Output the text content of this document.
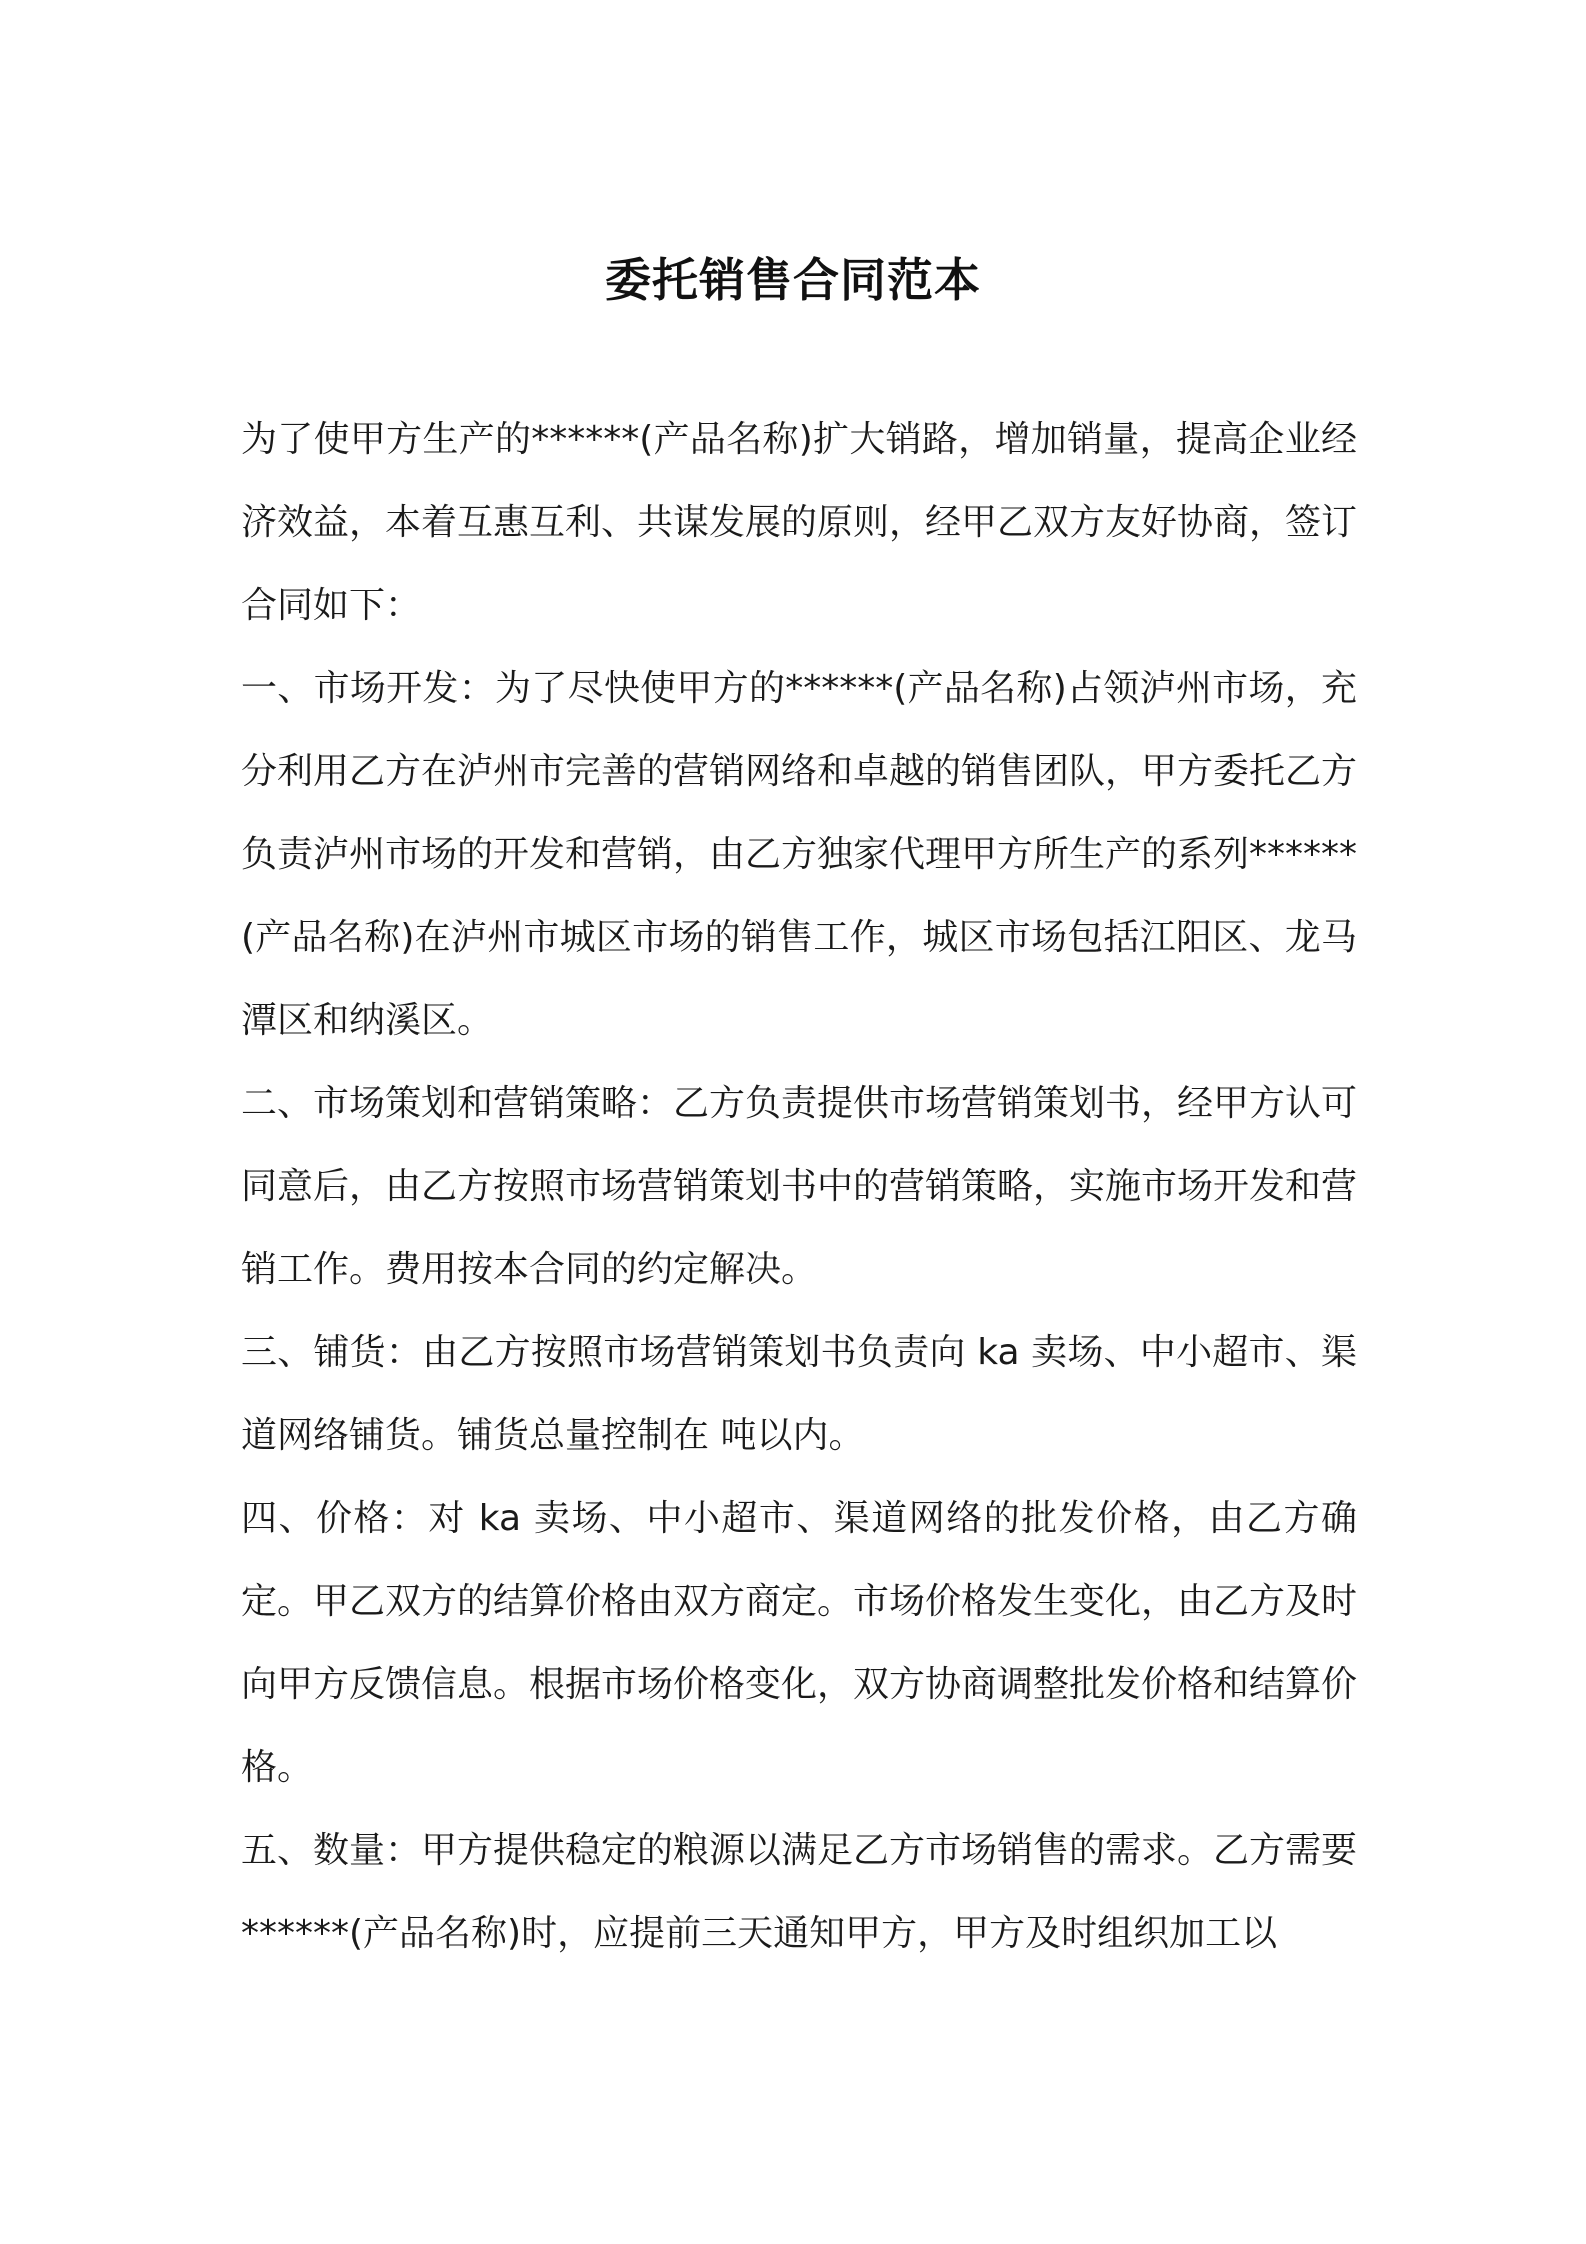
委托销售合同范本

为了使甲方生产的******(产品名称)扩大销路，增加销量，提高企业经济效益，本着互惠互利、共谋发展的原则，经甲乙双方友好协商，签订合同如下：

一、市场开发：为了尽快使甲方的******(产品名称)占领泸州市场，充分利用乙方在泸州市完善的营销网络和卓越的销售团队，甲方委托乙方负责泸州市场的开发和营销，由乙方独家代理甲方所生产的系列******(产品名称)在泸州市城区市场的销售工作，城区市场包括江阳区、龙马潭区和纳溪区。

二、市场策划和营销策略：乙方负责提供市场营销策划书，经甲方认可同意后，由乙方按照市场营销策划书中的营销策略，实施市场开发和营销工作。费用按本合同的约定解决。

三、铺货：由乙方按照市场营销策划书负责向 ka 卖场、中小超市、渠道网络铺货。铺货总量控制在 吨以内。

四、价格：对 ka 卖场、中小超市、渠道网络的批发价格，由乙方确定。甲乙双方的结算价格由双方商定。市场价格发生变化，由乙方及时向甲方反馈信息。根据市场价格变化，双方协商调整批发价格和结算价格。

五、数量：甲方提供稳定的粮源以满足乙方市场销售的需求。乙方需要******(产品名称)时，应提前三天通知甲方，甲方及时组织加工以
